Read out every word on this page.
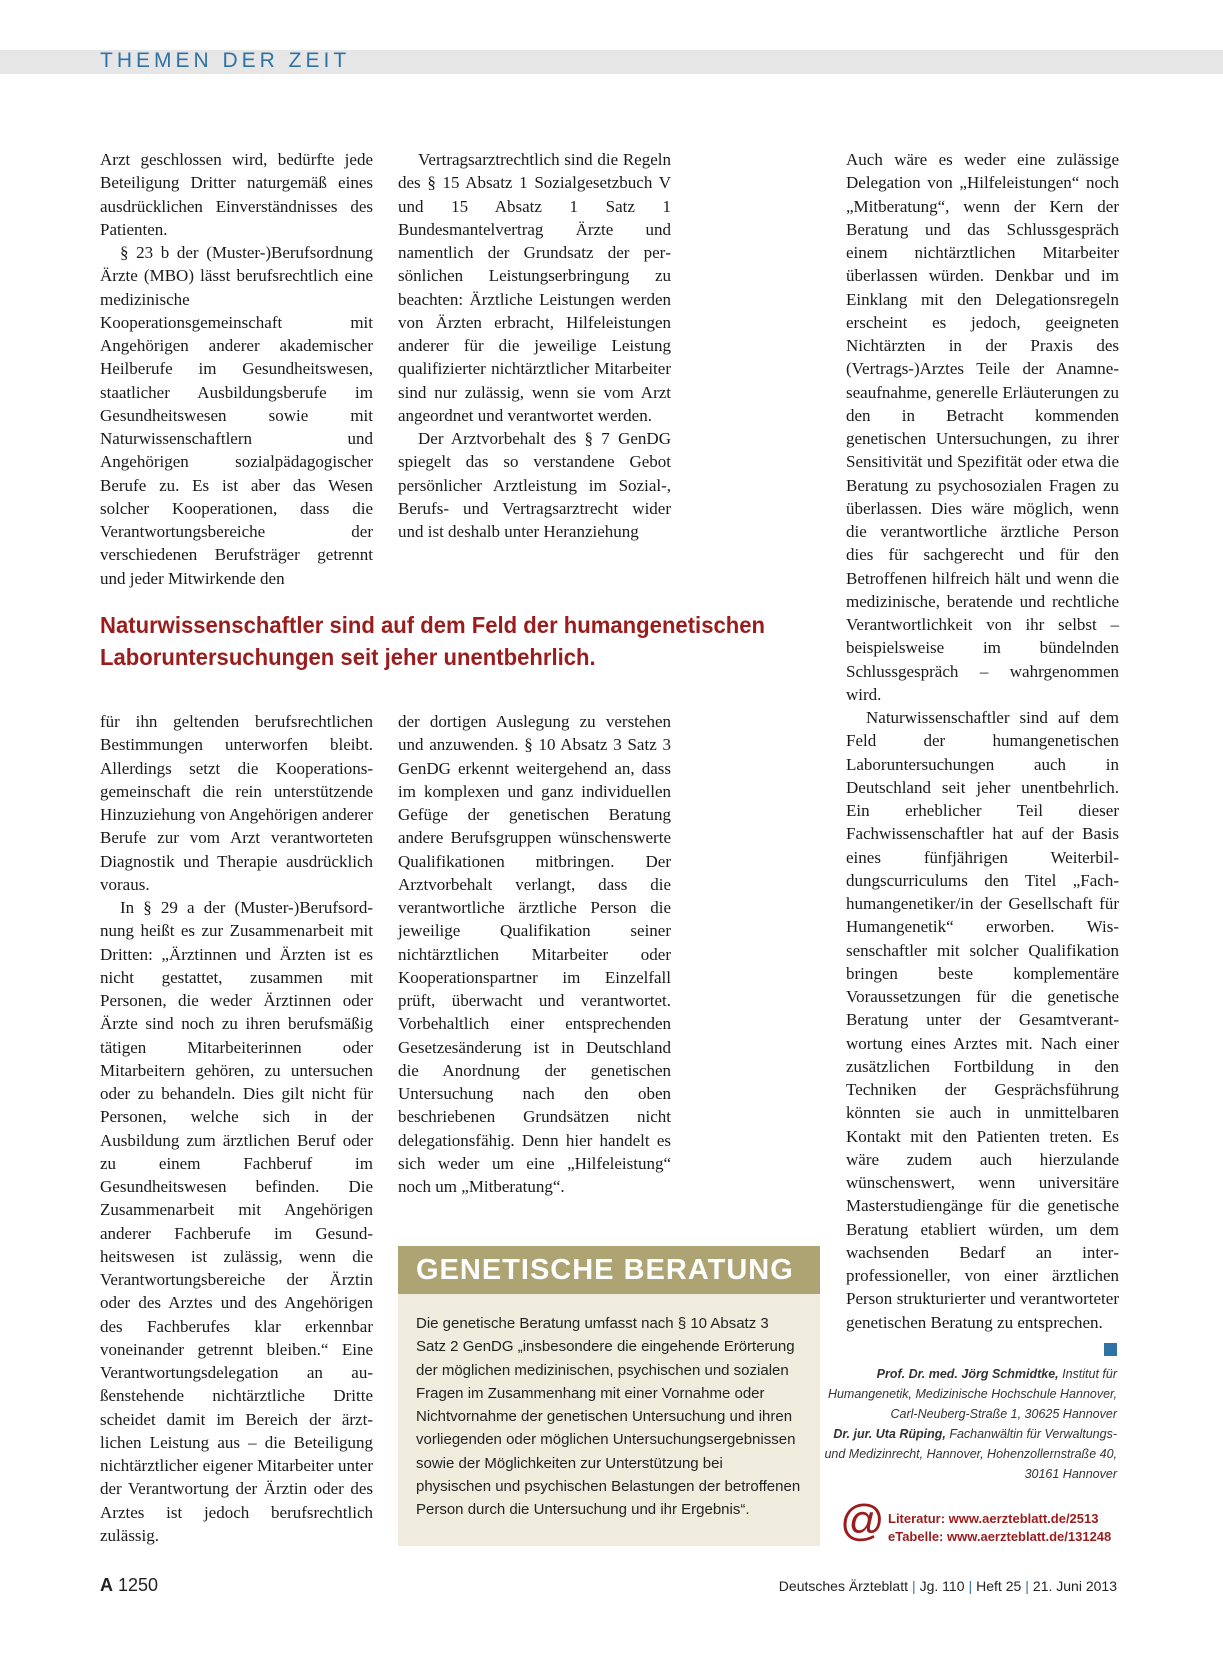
THEMEN DER ZEIT

Arzt geschlossen wird, bedürfte jede Beteiligung Dritter naturgemäß eines ausdrücklichen Einverständnisses des Patienten.

§ 23 b der (Muster-)Berufsordnung Ärzte (MBO) lässt berufsrechtlich eine medizinische Kooperationsgemeinschaft mit Angehörigen anderer akademischer Heilberufe im Gesundheitswesen, staatlicher Ausbildungsberufe im Gesundheitswesen sowie mit Naturwissenschaftlern und Angehörigen sozialpädagogischer Berufe zu. Es ist aber das Wesen solcher Kooperationen, dass die Verantwortungsbereiche der verschiedenen Berufsträger getrennt und jeder Mitwirkende den

Vertragsarztrechtlich sind die Regeln des § 15 Absatz 1 Sozialgesetzbuch V und 15 Absatz 1 Satz 1 Bundesmantelvertrag Ärzte und namentlich der Grundsatz der persönlichen Leistungserbringung zu beachten: Ärztliche Leistungen werden von Ärzten erbracht, Hilfeleistungen anderer für die jeweilige Leistung qualifizierter nichtärztlicher Mitarbeiter sind nur zulässig, wenn sie vom Arzt angeordnet und verantwortet werden.

Der Arztvorbehalt des § 7 GenDG spiegelt das so verstandene Gebot persönlicher Arztleistung im Sozial-, Berufs- und Vertragsarztrecht wider und ist deshalb unter Heranziehung

Naturwissenschaftler sind auf dem Feld der humangenetischen Laboruntersuchungen seit jeher unentbehrlich.

für ihn geltenden berufsrechtlichen Bestimmungen unterworfen bleibt. Allerdings setzt die Kooperationsgemeinschaft die rein unterstützende Hinzuziehung von Angehörigen anderer Berufe zur vom Arzt verantworteten Diagnostik und Therapie ausdrücklich voraus.

In § 29 a der (Muster-)Berufsordnung heißt es zur Zusammenarbeit mit Dritten: „Ärztinnen und Ärzten ist es nicht gestattet, zusammen mit Personen, die weder Ärztinnen oder Ärzte sind noch zu ihren berufsmäßig tätigen Mitarbeiterinnen oder Mitarbeitern gehören, zu untersuchen oder zu behandeln. Dies gilt nicht für Personen, welche sich in der Ausbildung zum ärztlichen Beruf oder zu einem Fachberuf im Gesundheitswesen befinden. Die Zusammenarbeit mit Angehörigen anderer Fachberufe im Gesundheitswesen ist zulässig, wenn die Verantwortungsbereiche der Ärztin oder des Arztes und des Angehörigen des Fachberufes klar erkennbar voneinander getrennt bleiben.“ Eine Verantwortungsdelegation an außenstehende nichtärztliche Dritte scheidet damit im Bereich der ärztlichen Leistung aus – die Beteiligung nichtärztlicher eigener Mitarbeiter unter der Verantwortung der Ärztin oder des Arztes ist jedoch berufsrechtlich zulässig.

der dortigen Auslegung zu verstehen und anzuwenden. § 10 Absatz 3 Satz 3 GenDG erkennt weitergehend an, dass im komplexen und ganz individuellen Gefüge der genetischen Beratung andere Berufsgruppen wünschenswerte Qualifikationen mitbringen. Der Arztvorbehalt verlangt, dass die verantwortliche ärztliche Person die jeweilige Qualifikation seiner nichtärztlichen Mitarbeiter oder Kooperationspartner im Einzelfall prüft, überwacht und verantwortet. Vorbehaltlich einer entsprechenden Gesetzesänderung ist in Deutschland die Anordnung der genetischen Untersuchung nach den oben beschriebenen Grundsätzen nicht delegationsfähig. Denn hier handelt es sich weder um eine „Hilfeleistung“ noch um „Mitberatung“.

GENETISCHE BERATUNG
Die genetische Beratung umfasst nach § 10 Absatz 3 Satz 2 GenDG „insbesondere die eingehende Erörterung der möglichen medizinischen, psychischen und sozialen Fragen im Zusammenhang mit einer Vornahme oder Nichtvornahme der genetischen Untersuchung und ihren vorliegenden oder möglichen Untersuchungsergebnissen sowie der Möglichkeiten zur Unterstützung bei physischen und psychischen Belastungen der betroffenen Person durch die Untersuchung und ihr Ergebnis“.

Auch wäre es weder eine zulässige Delegation von „Hilfeleistungen“ noch „Mitberatung“, wenn der Kern der Beratung und das Schlussgespräch einem nichtärztlichen Mitarbeiter überlassen würden. Denkbar und im Einklang mit den Delegationsregeln erscheint es jedoch, geeigneten Nichtärzten in der Praxis des (Vertrags-)Arztes Teile der Anamneseaufnahme, generelle Erläuterungen zu den in Betracht kommenden genetischen Untersuchungen, zu ihrer Sensitivität und Spezifität oder etwa die Beratung zu psychosozialen Fragen zu überlassen. Dies wäre möglich, wenn die verantwortliche ärztliche Person dies für sachgerecht und für den Betroffenen hilfreich hält und wenn die medizinische, beratende und rechtliche Verantwortlichkeit von ihr selbst – beispielsweise im bündelnden Schlussgespräch – wahrgenommen wird.

Naturwissenschaftler sind auf dem Feld der humangenetischen Laboruntersuchungen auch in Deutschland seit jeher unentbehrlich. Ein erheblicher Teil dieser Fachwissenschaftler hat auf der Basis eines fünfjährigen Weiterbildungscurriculums den Titel „Fachhumangenetiker/in der Gesellschaft für Humangenetik“ erworben. Wissenschaftler mit solcher Qualifikation bringen beste komplementäre Voraussetzungen für die genetische Beratung unter der Gesamtverantwortung eines Arztes mit. Nach einer zusätzlichen Fortbildung in den Techniken der Gesprächsführung könnten sie auch in unmittelbaren Kontakt mit den Patienten treten. Es wäre zudem auch hierzulande wünschenswert, wenn universitäre Masterstudiengänge für die genetische Beratung etabliert würden, um dem wachsenden Bedarf an interprofessioneller, von einer ärztlichen Person strukturierter und verantworteter genetischen Beratung zu entsprechen.

Prof. Dr. med. Jörg Schmidtke, Institut für Humangenetik, Medizinische Hochschule Hannover, Carl-Neuberg-Straße 1, 30625 Hannover
Dr. jur. Uta Rüping, Fachanwältin für Verwaltungs- und Medizinrecht, Hannover, Hohenzollernstraße 40, 30161 Hannover
@ Literatur: www.aerzteblatt.de/2513
eTabelle: www.aerzteblatt.de/131248
A 1250	Deutsches Ärzteblatt | Jg. 110 | Heft 25 | 21. Juni 2013
